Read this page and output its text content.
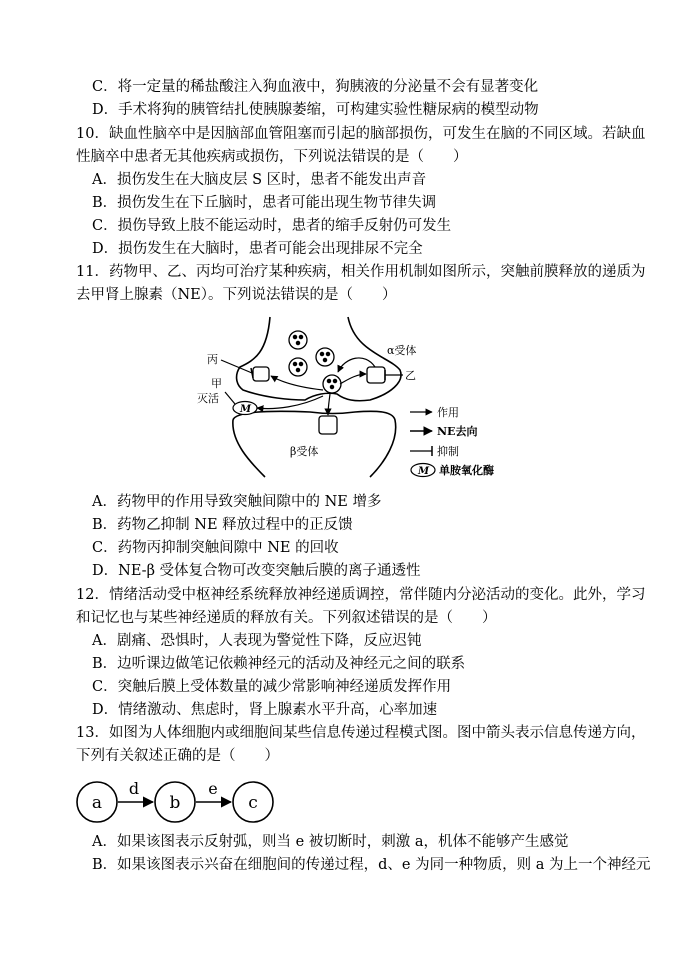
C．将一定量的稀盐酸注入狗血液中，狗胰液的分泌量不会有显著变化
D．手术将狗的胰管结扎使胰腺萎缩，可构建实验性糖尿病的模型动物
10．缺血性脑卒中是因脑部血管阻塞而引起的脑部损伤，可发生在脑的不同区域。若缺血
性脑卒中患者无其他疾病或损伤，下列说法错误的是（　　）
A．损伤发生在大脑皮层 S 区时，患者不能发出声音
B．损伤发生在下丘脑时，患者可能出现生物节律失调
C．损伤导致上肢不能运动时，患者的缩手反射仍可发生
D．损伤发生在大脑时，患者可能会出现排尿不完全
11．药物甲、乙、丙均可治疗某种疾病，相关作用机制如图所示，突触前膜释放的递质为
去甲肾上腺素（NE）。下列说法错误的是（　　）
丙
甲
灭活
M
α受体
乙
β受体
作用
NE去向
抑制
M 单胺氧化酶
A．药物甲的作用导致突触间隙中的 NE 增多
B．药物乙抑制 NE 释放过程中的正反馈
C．药物丙抑制突触间隙中 NE 的回收
D．NE-β 受体复合物可改变突触后膜的离子通透性
12．情绪活动受中枢神经系统释放神经递质调控，常伴随内分泌活动的变化。此外，学习
和记忆也与某些神经递质的释放有关。下列叙述错误的是（　　）
A．剧痛、恐惧时，人表现为警觉性下降，反应迟钝
B．边听课边做笔记依赖神经元的活动及神经元之间的联系
C．突触后膜上受体数量的减少常影响神经递质发挥作用
D．情绪激动、焦虑时，肾上腺素水平升高，心率加速
13．如图为人体细胞内或细胞间某些信息传递过程模式图。图中箭头表示信息传递方向，
下列有关叙述正确的是（　　）
a	b	c
d	e
A．如果该图表示反射弧，则当 e 被切断时，刺激 a，机体不能够产生感觉
B．如果该图表示兴奋在细胞间的传递过程，d、e 为同一种物质，则 a 为上一个神经元
